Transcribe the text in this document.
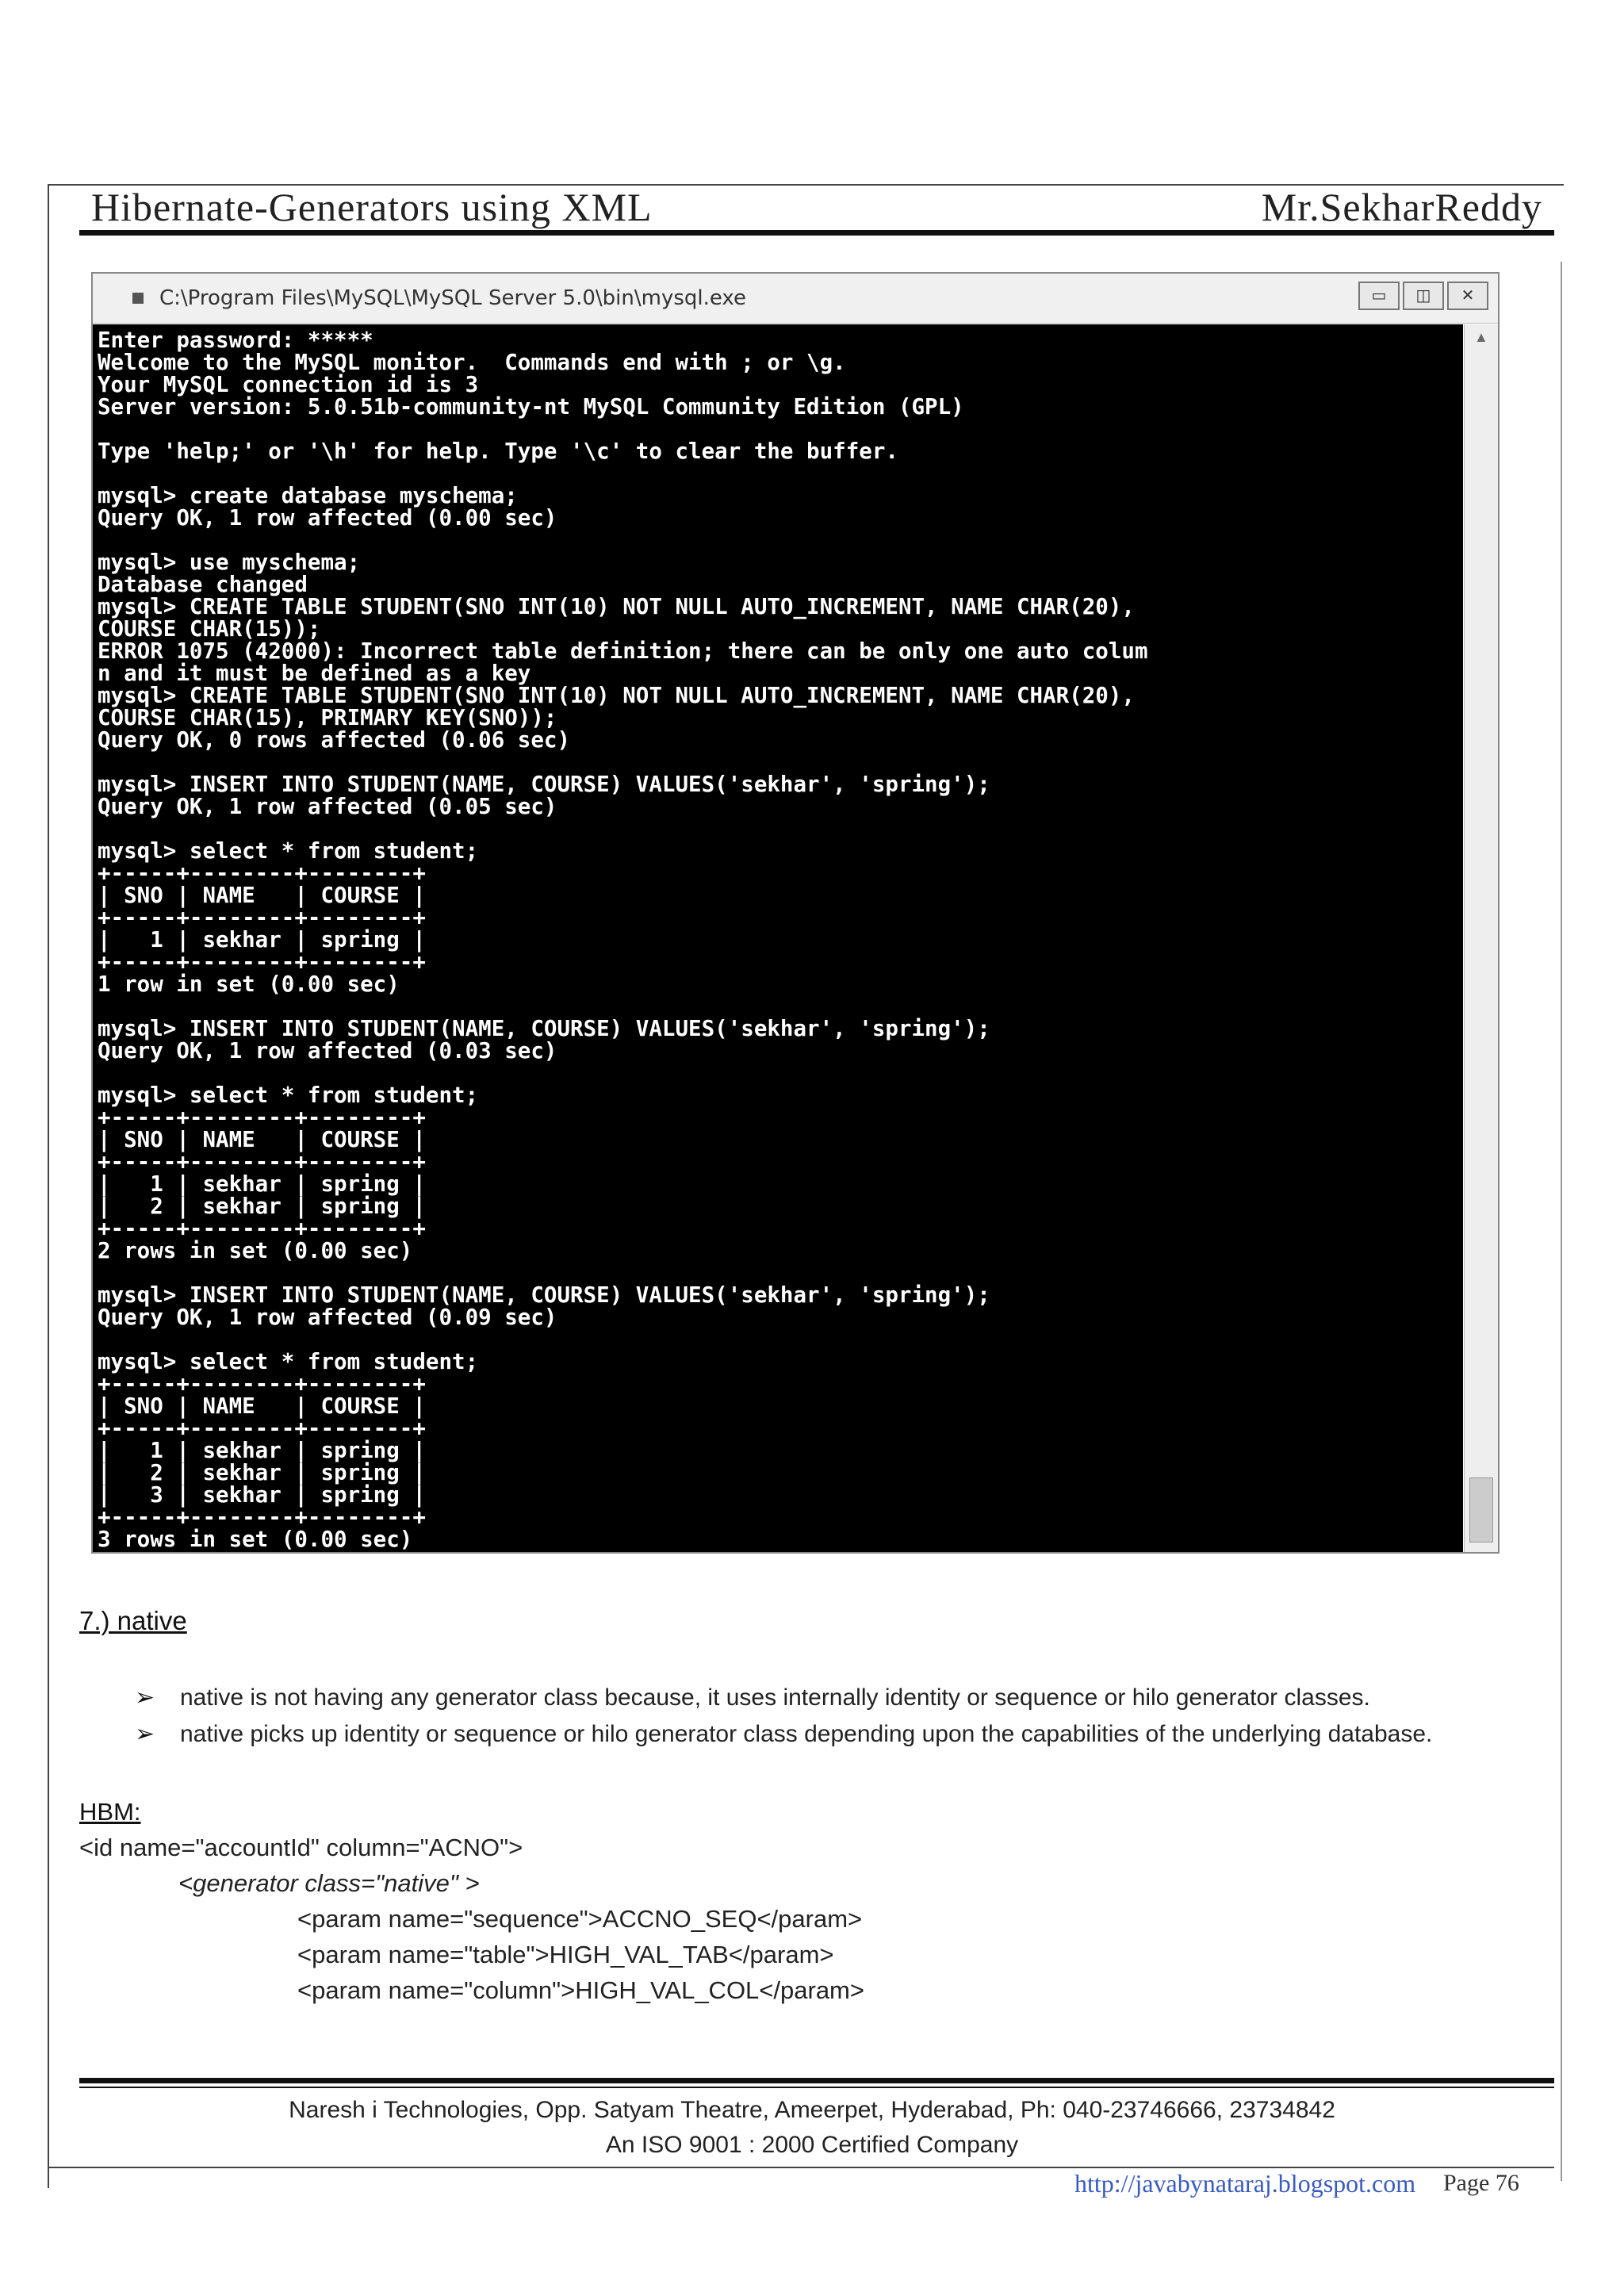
Hibernate-Generators using XML	Mr.SekharReddy
C:\Program Files\MySQL\MySQL Server 5.0\bin\mysql.exe	▭	◫	✕
Enter password: *****
Welcome to the MySQL monitor.  Commands end with ; or \g.
Your MySQL connection id is 3
Server version: 5.0.51b-community-nt MySQL Community Edition (GPL)

Type 'help;' or '\h' for help. Type '\c' to clear the buffer.

mysql> create database myschema;
Query OK, 1 row affected (0.00 sec)

mysql> use myschema;
Database changed
mysql> CREATE TABLE STUDENT(SNO INT(10) NOT NULL AUTO_INCREMENT, NAME CHAR(20),
COURSE CHAR(15));
ERROR 1075 (42000): Incorrect table definition; there can be only one auto colum
n and it must be defined as a key
mysql> CREATE TABLE STUDENT(SNO INT(10) NOT NULL AUTO_INCREMENT, NAME CHAR(20),
COURSE CHAR(15), PRIMARY KEY(SNO));
Query OK, 0 rows affected (0.06 sec)

mysql> INSERT INTO STUDENT(NAME, COURSE) VALUES('sekhar', 'spring');
Query OK, 1 row affected (0.05 sec)

mysql> select * from student;
+-----+--------+--------+
| SNO | NAME   | COURSE |
+-----+--------+--------+
|   1 | sekhar | spring |
+-----+--------+--------+
1 row in set (0.00 sec)

mysql> INSERT INTO STUDENT(NAME, COURSE) VALUES('sekhar', 'spring');
Query OK, 1 row affected (0.03 sec)

mysql> select * from student;
+-----+--------+--------+
| SNO | NAME   | COURSE |
+-----+--------+--------+
|   1 | sekhar | spring |
|   2 | sekhar | spring |
+-----+--------+--------+
2 rows in set (0.00 sec)

mysql> INSERT INTO STUDENT(NAME, COURSE) VALUES('sekhar', 'spring');
Query OK, 1 row affected (0.09 sec)

mysql> select * from student;
+-----+--------+--------+
| SNO | NAME   | COURSE |
+-----+--------+--------+
|   1 | sekhar | spring |
|   2 | sekhar | spring |
|   3 | sekhar | spring |
+-----+--------+--------+
3 rows in set (0.00 sec)

mysql>
▲
7.) native
➢ native is not having any generator class because, it uses internally identity or sequence or hilo generator classes.
➢ native picks up identity or sequence or hilo generator class depending upon the capabilities of the underlying database.
HBM:
<id name="accountId" column="ACNO">
<generator class="native" >
<param name="sequence">ACCNO_SEQ</param>
<param name="table">HIGH_VAL_TAB</param>
<param name="column">HIGH_VAL_COL</param>
Naresh i Technologies, Opp. Satyam Theatre, Ameerpet, Hyderabad, Ph: 040-23746666, 23734842
An ISO 9001 : 2000 Certified Company
http://javabynataraj.blogspot.com Page 76
